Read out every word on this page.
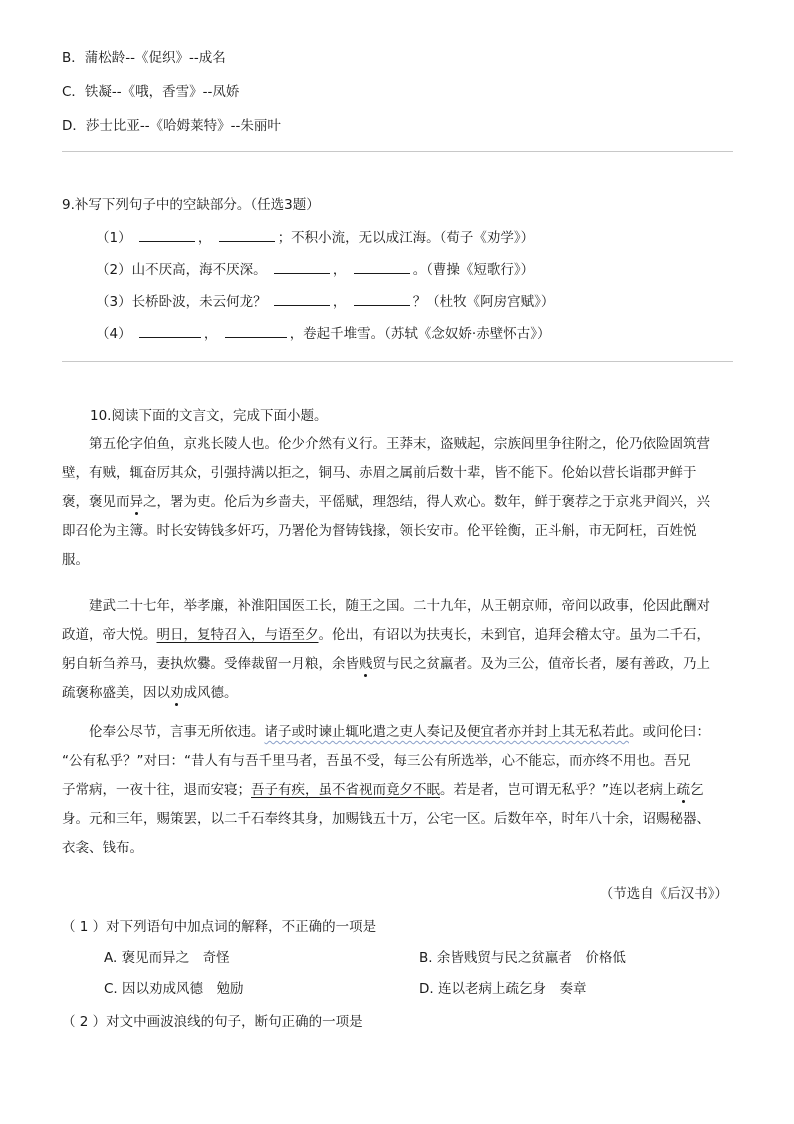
B．蒲松龄--《促织》--成名
C．铁凝--《哦，香雪》--凤娇
D．莎士比亚--《哈姆莱特》--朱丽叶
9.补写下列句子中的空缺部分。（任选3题）
（1）	，	；不积小流，无以成江海。（荀子《劝学》）
（2）山不厌高，海不厌深。	，	。（曹操《短歌行》）
（3）长桥卧波，未云何龙？	，	？（杜牧《阿房宫赋》）
（4）	，	，卷起千堆雪。（苏轼《念奴娇·赤壁怀古》）
10.阅读下面的文言文，完成下面小题。
第五伦字伯鱼，京兆长陵人也。伦少介然有义行。王莽末，盗贼起，宗族闾里争往附之，伦乃依险固筑营
壁，有贼，辄奋厉其众，引强持满以拒之，铜马、赤眉之属前后数十辈，皆不能下。伦始以营长诣郡尹鲜于
褒，褒见而异之，署为吏。伦后为乡啬夫，平傜赋，理怨结，得人欢心。数年，鲜于褒荐之于京兆尹阎兴，兴
即召伦为主簿。时长安铸钱多奸巧，乃署伦为督铸钱掾，领长安市。伦平铨衡，正斗斛，市无阿枉，百姓悦
服。
建武二十七年，举孝廉，补淮阳国医工长，随王之国。二十九年，从王朝京师，帝问以政事，伦因此酬对
政道，帝大悦。明日，复特召入，与语至夕。伦出，有诏以为扶夷长，未到官，追拜会稽太守。虽为二千石，
躬自斩刍养马，妻执炊爨。受俸裁留一月粮，余皆贱贸与民之贫羸者。及为三公，值帝长者，屡有善政，乃上
疏褒称盛美，因以劝成风德。
伦奉公尽节，言事无所依违。诸子或时谏止辄叱遣之吏人奏记及便宜者亦并封上其无私若此。或问伦曰：
“公有私乎？”对曰：“昔人有与吾千里马者，吾虽不受，每三公有所选举，心不能忘，而亦终不用也。吾兄
子常病，一夜十往，退而安寝；吾子有疾，虽不省视而竟夕不眠。若是者，岂可谓无私乎？”连以老病上疏乞
身。元和三年，赐策罢，以二千石奉终其身，加赐钱五十万，公宅一区。后数年卒，时年八十余，诏赐秘器、
衣衾、钱布。
（节选自《后汉书》）
（ 1 ）对下列语句中加点词的解释，不正确的一项是
A. 褒见而异之　奇怪	B. 余皆贱贸与民之贫羸者　价格低
C. 因以劝成风德　勉励	D. 连以老病上疏乞身　奏章
（ 2 ）对文中画波浪线的句子，断句正确的一项是
